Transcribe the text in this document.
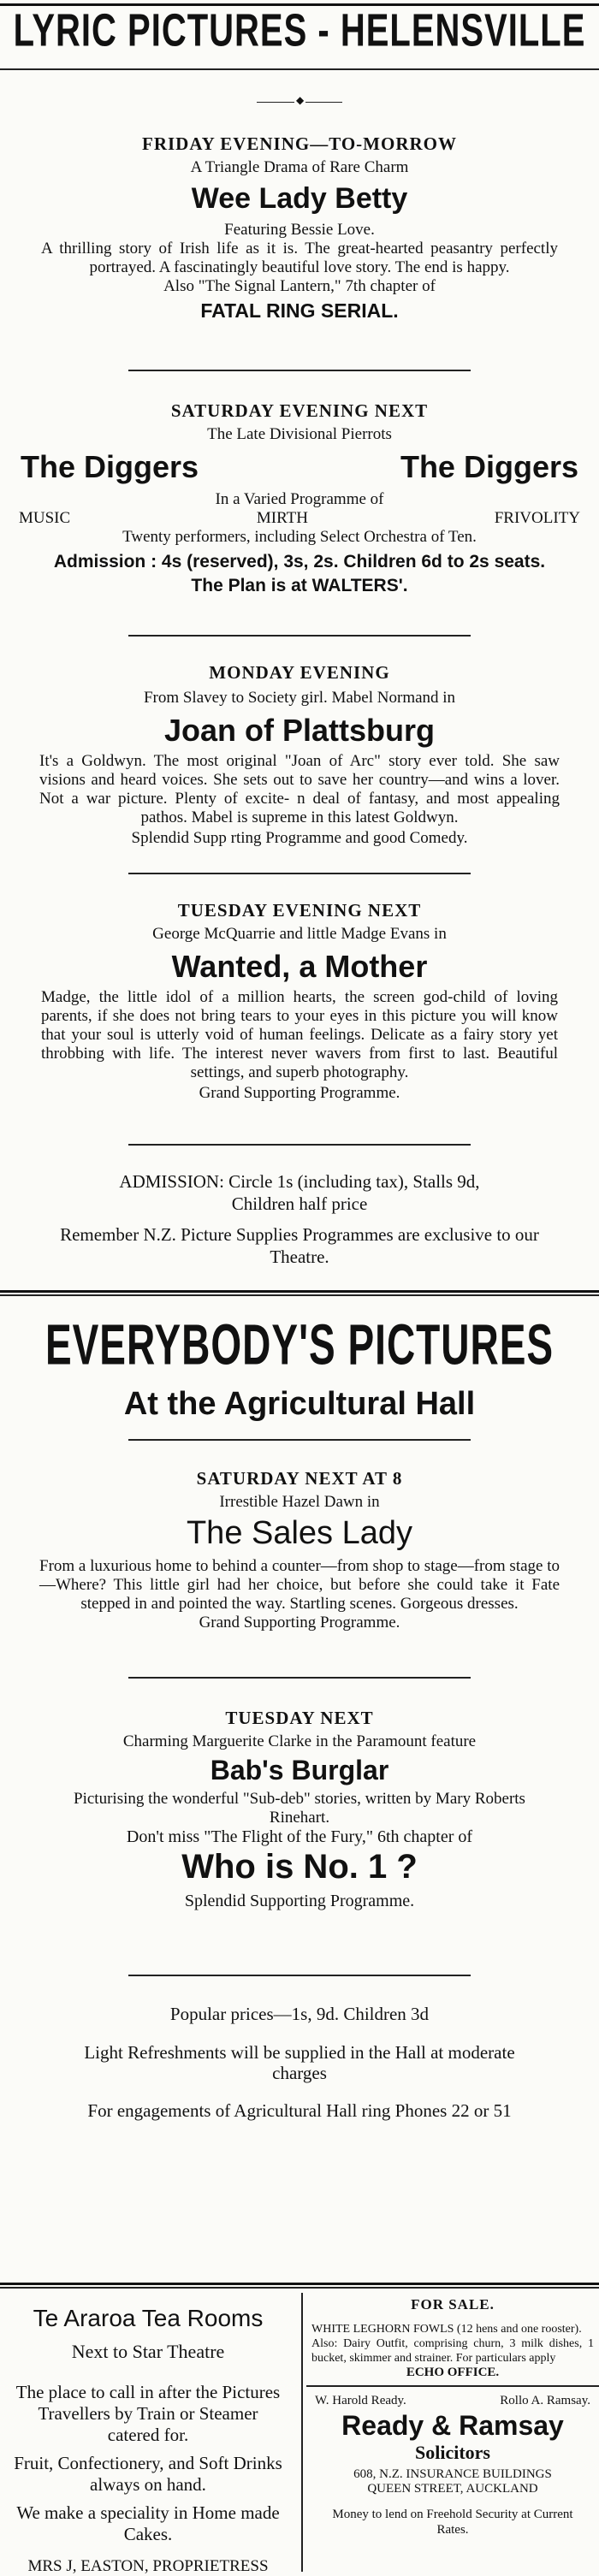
LYRIC PICTURES - HELENSVILLE
◆
FRIDAY EVENING—TO-MORROW
A Triangle Drama of Rare Charm
Wee Lady Betty
Featuring Bessie Love.
A thrilling story of Irish life as it is. The great-hearted peasantry perfectly portrayed. A fascinatingly beautiful love story. The end is happy.
Also "The Signal Lantern," 7th chapter of
FATAL RING SERIAL.
SATURDAY EVENING NEXT
The Late Divisional Pierrots
The Diggers	The Diggers
In a Varied Programme of
MUSIC	MIRTH	FRIVOLITY
Twenty performers, including Select Orchestra of Ten.
Admission : 4s (reserved), 3s, 2s. Children 6d to 2s seats. The Plan is at WALTERS'.
MONDAY EVENING
From Slavey to Society girl. Mabel Normand in
Joan of Plattsburg
It's a Goldwyn. The most original "Joan of Arc" story ever told. She saw visions and heard voices. She sets out to save her country—and wins a lover. Not a war picture. Plenty of excite- n deal of fantasy, and most appealing pathos. Mabel is supreme in this latest Goldwyn.
Splendid Supp rting Programme and good Comedy.
TUESDAY EVENING NEXT
George McQuarrie and little Madge Evans in
Wanted, a Mother
Madge, the little idol of a million hearts, the screen god-child of loving parents, if she does not bring tears to your eyes in this picture you will know that your soul is utterly void of human feelings. Delicate as a fairy story yet throbbing with life. The interest never wavers from first to last. Beautiful settings, and superb photography.
Grand Supporting Programme.
ADMISSION: Circle 1s (including tax), Stalls 9d, Children half price
Remember N.Z. Picture Supplies Programmes are exclusive to our Theatre.
EVERYBODY'S PICTURES
At the Agricultural Hall
SATURDAY NEXT AT 8
Irrestible Hazel Dawn in
The Sales Lady
From a luxurious home to behind a counter—from shop to stage—from stage to—Where? This little girl had her choice, but before she could take it Fate stepped in and pointed the way. Startling scenes. Gorgeous dresses.
Grand Supporting Programme.
TUESDAY NEXT
Charming Marguerite Clarke in the Paramount feature
Bab's Burglar
Picturising the wonderful "Sub-deb" stories, written by Mary Roberts Rinehart.
Don't miss "The Flight of the Fury," 6th chapter of
Who is No. 1 ?
Splendid Supporting Programme.
Popular prices—1s, 9d. Children 3d
Light Refreshments will be supplied in the Hall at moderate charges
For engagements of Agricultural Hall ring Phones 22 or 51
Te Araroa Tea Rooms
Next to Star Theatre
The place to call in after the Pictures
Travellers by Train or Steamer catered for.
Fruit, Confectionery, and Soft Drinks always on hand.
We make a speciality in Home made Cakes.
MRS J, EASTON, PROPRIETRESS
FOR SALE.
WHITE LEGHORN FOWLS (12 hens and one rooster).
Also: Dairy Outfit, comprising churn, 3 milk dishes, 1 bucket, skimmer and strainer. For particulars apply
ECHO OFFICE.
W. Harold Ready.	Rollo A. Ramsay.
Ready & Ramsay
Solicitors
608, N.Z. INSURANCE BUILDINGS
QUEEN STREET, AUCKLAND
Money to lend on Freehold Security at Current Rates.
